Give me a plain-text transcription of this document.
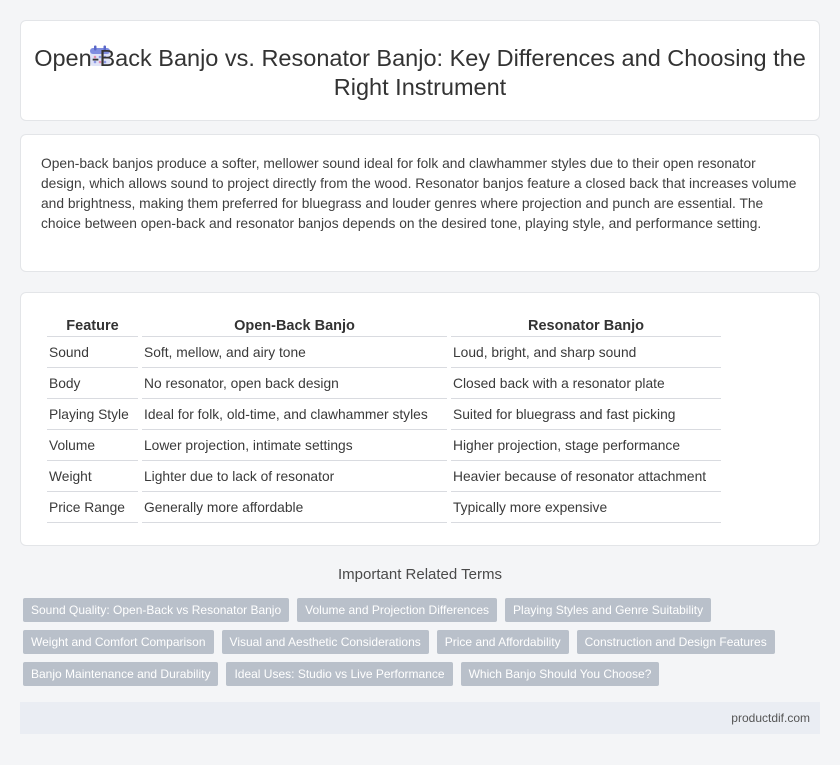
Open-Back Banjo vs. Resonator Banjo: Key Differences and Choosing the Right Instrument

Open-back banjos produce a softer, mellower sound ideal for folk and clawhammer styles due to their open resonator design, which allows sound to project directly from the wood. Resonator banjos feature a closed back that increases volume and brightness, making them preferred for bluegrass and louder genres where projection and punch are essential. The choice between open-back and resonator banjos depends on the desired tone, playing style, and performance setting.

Feature	Open-Back Banjo	Resonator Banjo
Sound	Soft, mellow, and airy tone	Loud, bright, and sharp sound
Body	No resonator, open back design	Closed back with a resonator plate
Playing Style	Ideal for folk, old-time, and clawhammer styles	Suited for bluegrass and fast picking
Volume	Lower projection, intimate settings	Higher projection, stage performance
Weight	Lighter due to lack of resonator	Heavier because of resonator attachment
Price Range	Generally more affordable	Typically more expensive
Important Related Terms
Sound Quality: Open-Back vs Resonator Banjo	Volume and Projection Differences	Playing Styles and Genre Suitability
Weight and Comfort Comparison	Visual and Aesthetic Considerations	Price and Affordability	Construction and Design Features
Banjo Maintenance and Durability	Ideal Uses: Studio vs Live Performance	Which Banjo Should You Choose?
productdif.com
